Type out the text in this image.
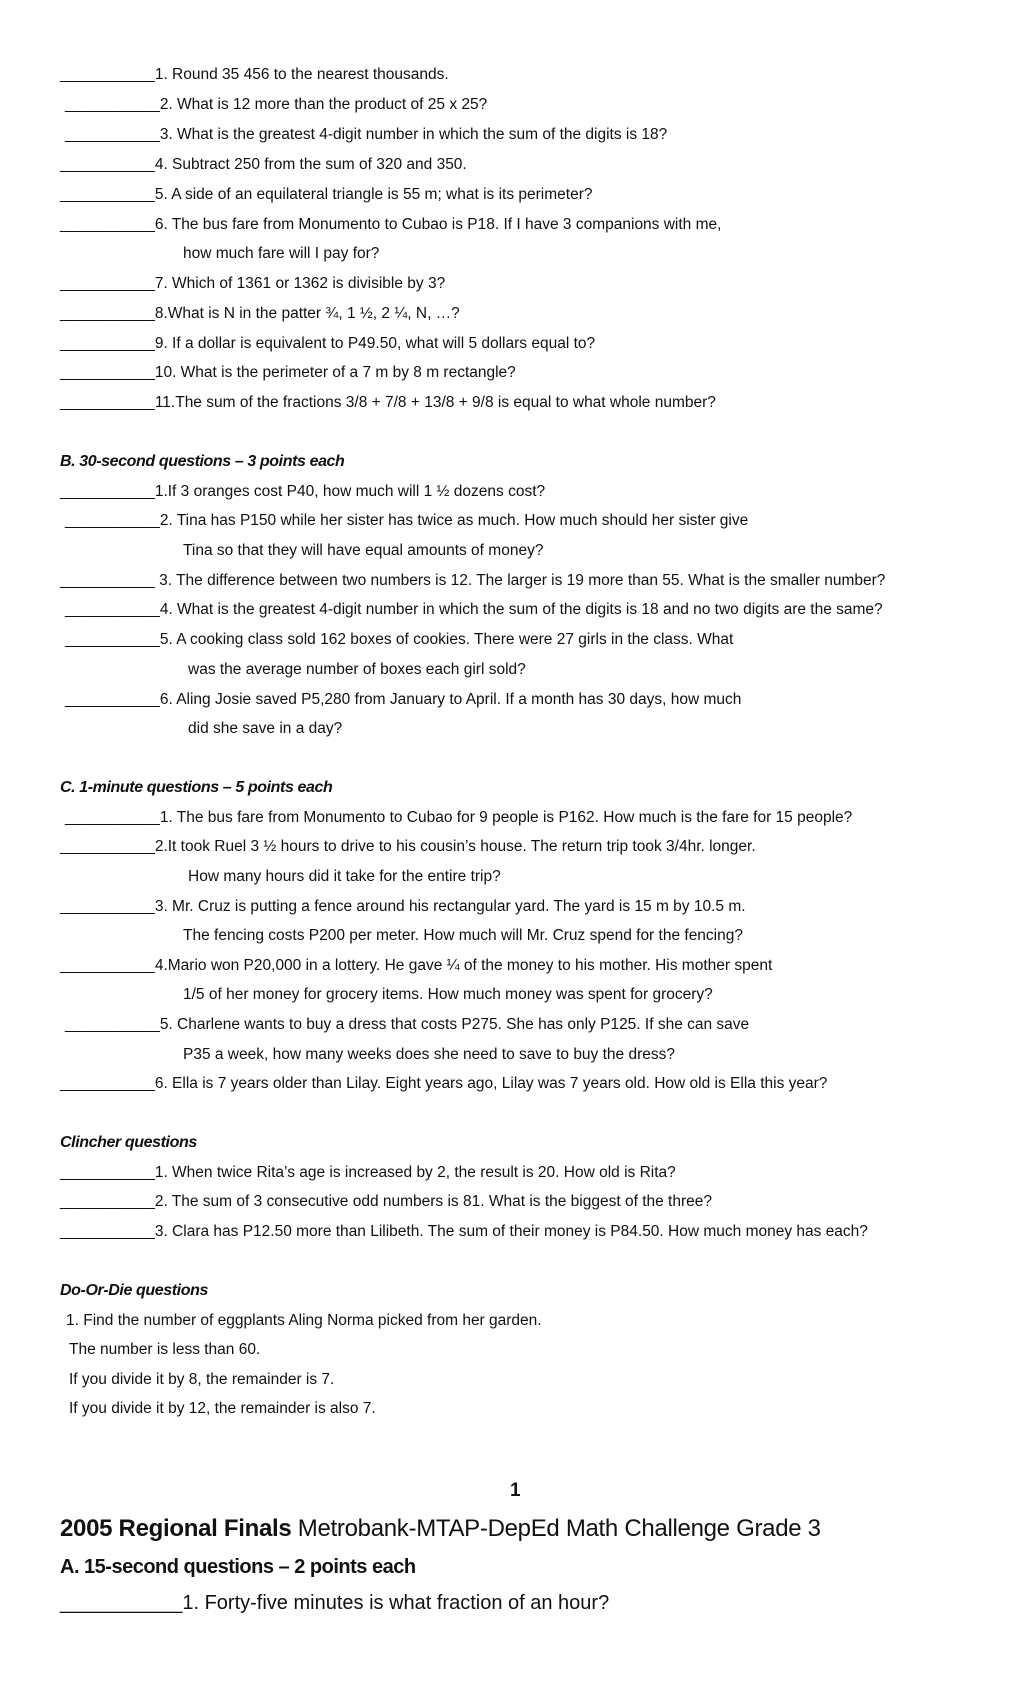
___________1. Round 35 456 to the nearest thousands.
___________2. What is 12 more than the product of 25 x 25?
___________3. What is the greatest 4-digit number in which the sum of the digits is 18?
___________4. Subtract 250 from the sum of 320 and 350.
___________5. A side of an equilateral triangle is 55 m; what is its perimeter?
___________6. The bus fare from Monumento to Cubao is P18. If I have 3 companions with me,
how much fare will I pay for?
___________7. Which of 1361 or 1362 is divisible by 3?
___________8.What is N in the patter ¾, 1 ½, 2 ¼, N, …?
___________9. If a dollar is equivalent to P49.50, what will 5 dollars equal to?
___________10. What is the perimeter of a 7 m by 8 m rectangle?
___________11.The sum of the fractions 3/8 + 7/8 + 13/8 + 9/8 is equal to what whole number?
B. 30-second questions – 3 points each
___________1.If 3 oranges cost P40, how much will 1 ½ dozens cost?
___________2. Tina has P150 while her sister has twice as much. How much should her sister give
Tina so that they will have equal amounts of money?
___________ 3. The difference between two numbers is 12. The larger is 19 more than 55. What is the smaller number?
___________4. What is the greatest 4-digit number in which the sum of the digits is 18 and no two digits are the same?
___________5. A cooking class sold 162 boxes of cookies. There were 27 girls in the class. What
was the average number of boxes each girl sold?
___________6. Aling Josie saved P5,280 from January to April. If a month has 30 days, how much
did she save in a day?
C. 1-minute questions – 5 points each
___________1. The bus fare from Monumento to Cubao for 9 people is P162. How much is the fare for 15 people?
___________2.It took Ruel 3 ½ hours to drive to his cousin’s house. The return trip took 3/4hr. longer.
How many hours did it take for the entire trip?
___________3. Mr. Cruz is putting a fence around his rectangular yard. The yard is 15 m by 10.5 m.
The fencing costs P200 per meter. How much will Mr. Cruz spend for the fencing?
___________4.Mario won P20,000 in a lottery. He gave ¼ of the money to his mother. His mother spent
1/5 of her money for grocery items. How much money was spent for grocery?
___________5. Charlene wants to buy a dress that costs P275. She has only P125. If she can save
P35 a week, how many weeks does she need to save to buy the dress?
___________6. Ella is 7 years older than Lilay. Eight years ago, Lilay was 7 years old. How old is Ella this year?
Clincher questions
___________1. When twice Rita’s age is increased by 2, the result is 20. How old is Rita?
___________2. The sum of 3 consecutive odd numbers is 81. What is the biggest of the three?
___________3. Clara has P12.50 more than Lilibeth. The sum of their money is P84.50. How much money has each?
Do-Or-Die questions
1. Find the number of eggplants Aling Norma picked from her garden.
The number is less than 60.
If you divide it by 8, the remainder is 7.
If you divide it by 12, the remainder is also 7.
1
2005 Regional Finals Metrobank-MTAP-DepEd Math Challenge Grade 3
A. 15-second questions – 2 points each
___________1. Forty-five minutes is what fraction of an hour?
